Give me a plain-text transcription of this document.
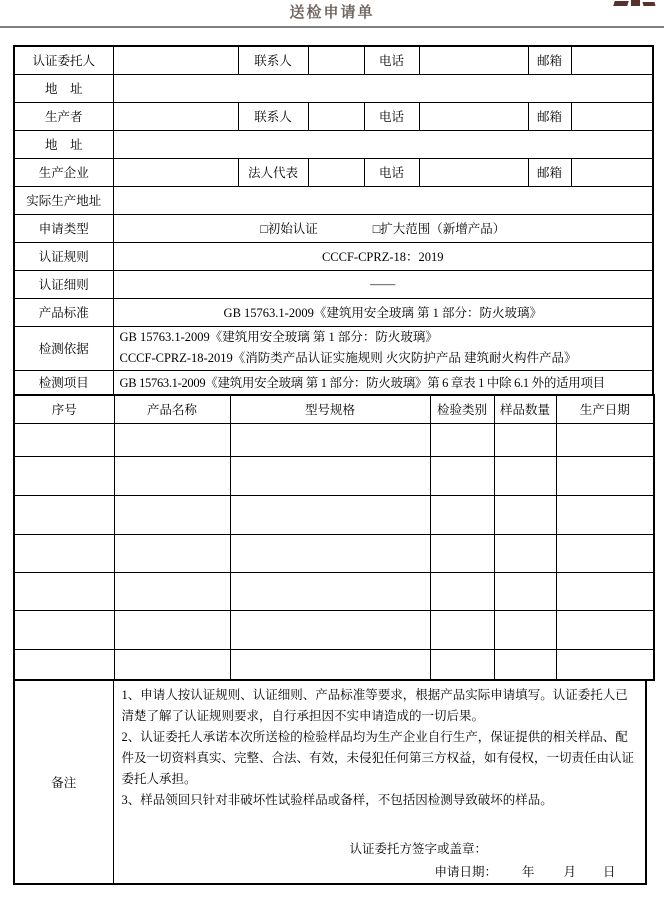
送检申请单
认证委托人		联系人		电话		邮箱	
地　址							
生产者		联系人		电话		邮箱	
地　址							
生产企业		法人代表		电话		邮箱	
实际生产地址							
申请类型	□初始认证 □扩大范围（新增产品）						

认证规则	CCCF-CPRZ-18：2019						
认证细则	——						
产品标准	GB 15763.1-2009《建筑用安全玻璃 第 1 部分：防火玻璃》						
检测依据	GB 15763.1-2009《建筑用安全玻璃 第 1 部分：防火玻璃》
CCCF-CPRZ-18-2019《消防类产品认证实施规则 火灾防护产品 建筑耐火构件产品》						

检测项目	GB 15763.1-2009《建筑用安全玻璃 第 1 部分：防火玻璃》第 6 章表 1 中除 6.1 外的适用项目						
序号	产品名称	型号规格	检验类别	样品数量	生产日期

备注	

1、申请人按认证规则、认证细则、产品标准等要求，根据产品实际申请填写。认证委托人已清楚了解了认证规则要求，自行承担因不实申请造成的一切后果。

2、认证委托人承诺本次所送检的检验样品均为生产企业自行生产，保证提供的相关样品、配件及一切资料真实、完整、合法、有效，未侵犯任何第三方权益，如有侵权，一切责任由认证委托人承担。

3、样品领回只针对非破坏性试验样品或备样，不包括因检测导致破坏的样品。

认证委托方签字或盖章：
申请日期： 年 月 日
